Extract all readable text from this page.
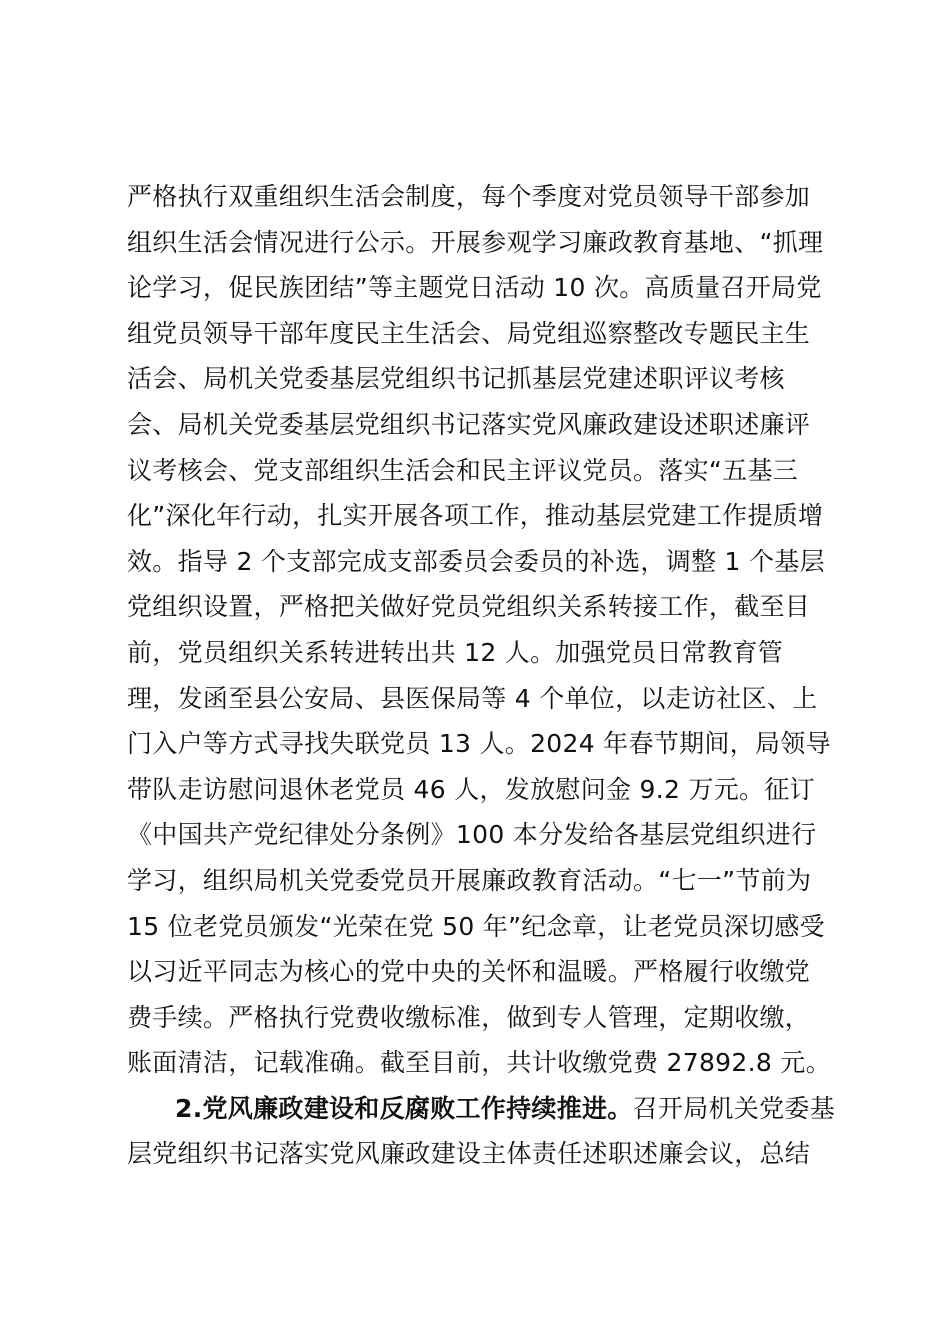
严格执行双重组织生活会制度，每个季度对党员领导干部参加
组织生活会情况进行公示。开展参观学习廉政教育基地、“抓理
论学习，促民族团结”等主题党日活动 10 次。高质量召开局党
组党员领导干部年度民主生活会、局党组巡察整改专题民主生
活会、局机关党委基层党组织书记抓基层党建述职评议考核
会、局机关党委基层党组织书记落实党风廉政建设述职述廉评
议考核会、党支部组织生活会和民主评议党员。落实“五基三
化”深化年行动，扎实开展各项工作，推动基层党建工作提质增
效。指导 2 个支部完成支部委员会委员的补选，调整 1 个基层
党组织设置，严格把关做好党员党组织关系转接工作，截至目
前，党员组织关系转进转出共 12 人。加强党员日常教育管
理，发函至县公安局、县医保局等 4 个单位，以走访社区、上
门入户等方式寻找失联党员 13 人。2024 年春节期间，局领导
带队走访慰问退休老党员 46 人，发放慰问金 9.2 万元。征订
《中国共产党纪律处分条例》100 本分发给各基层党组织进行
学习，组织局机关党委党员开展廉政教育活动。“七一”节前为
15 位老党员颁发“光荣在党 50 年”纪念章，让老党员深切感受
以习近平同志为核心的党中央的关怀和温暖。严格履行收缴党
费手续。严格执行党费收缴标准，做到专人管理，定期收缴，
账面清洁，记载准确。截至目前，共计收缴党费 27892.8 元。
2.党风廉政建设和反腐败工作持续推进。召开局机关党委基
层党组织书记落实党风廉政建设主体责任述职述廉会议，总结
